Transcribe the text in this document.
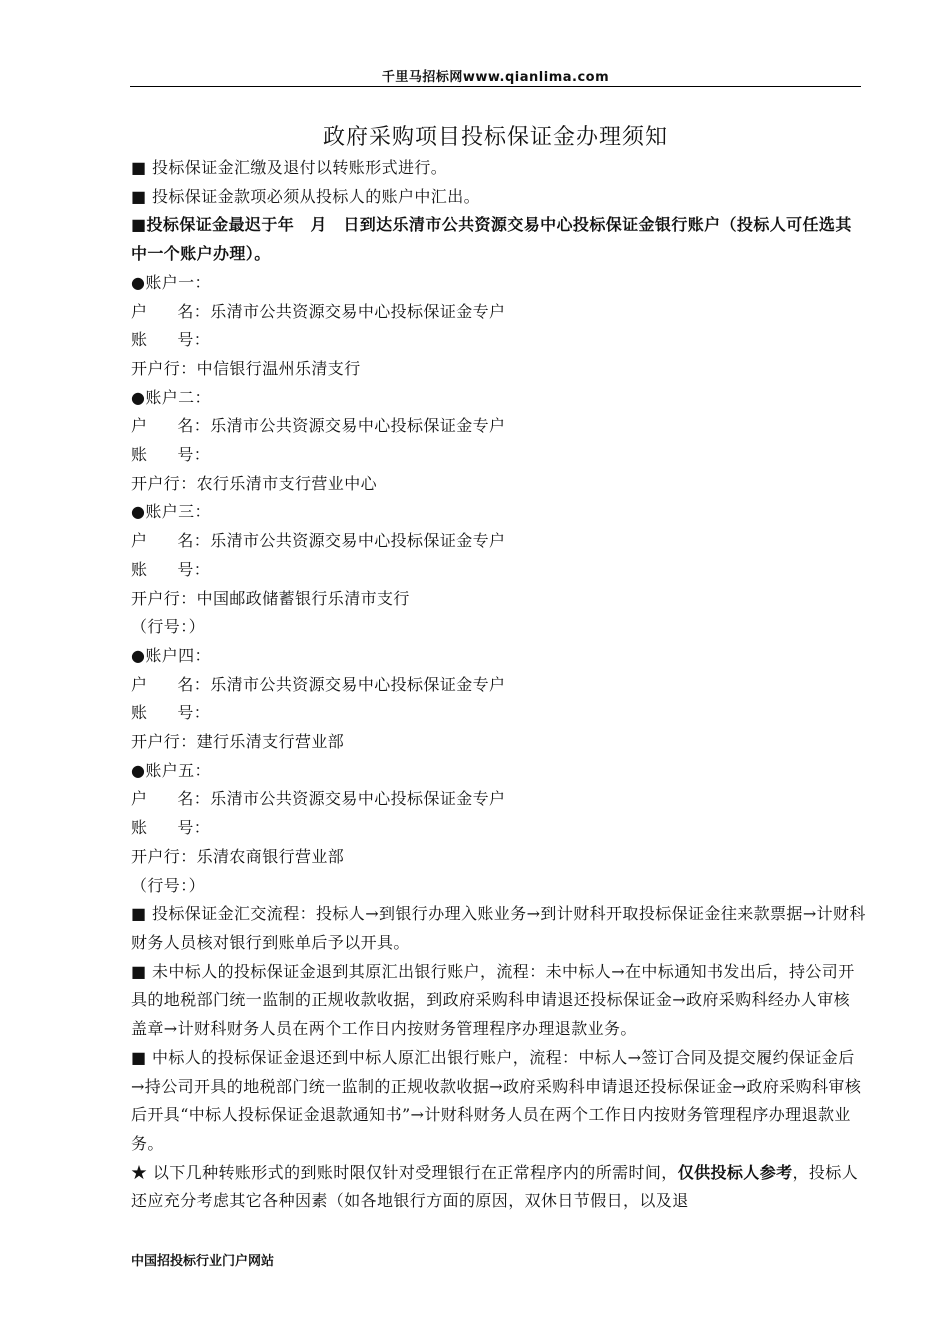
千里马招标网www.qianlima.com
政府采购项目投标保证金办理须知
■ 投标保证金汇缴及退付以转账形式进行。
■ 投标保证金款项必须从投标人的账户中汇出。
■投标保证金最迟于年　月　日到达乐清市公共资源交易中心投标保证金银行账户（投标人可任选其中一个账户办理）。
●账户一：
户 名：乐清市公共资源交易中心投标保证金专户
账 号：
开户行：中信银行温州乐清支行
●账户二：
户 名：乐清市公共资源交易中心投标保证金专户
账 号：
开户行：农行乐清市支行营业中心
●账户三：
户 名：乐清市公共资源交易中心投标保证金专户
账 号：
开户行：中国邮政储蓄银行乐清市支行
（行号：）
●账户四：
户 名：乐清市公共资源交易中心投标保证金专户
账 号：
开户行：建行乐清支行营业部
●账户五：
户 名：乐清市公共资源交易中心投标保证金专户
账 号：
开户行：乐清农商银行营业部
（行号：）
■ 投标保证金汇交流程：投标人→到银行办理入账业务→到计财科开取投标保证金往来款票据→计财科财务人员核对银行到账单后予以开具。
■ 未中标人的投标保证金退到其原汇出银行账户，流程：未中标人→在中标通知书发出后，持公司开具的地税部门统一监制的正规收款收据，到政府采购科申请退还投标保证金→政府采购科经办人审核盖章→计财科财务人员在两个工作日内按财务管理程序办理退款业务。
■ 中标人的投标保证金退还到中标人原汇出银行账户，流程：中标人→签订合同及提交履约保证金后→持公司开具的地税部门统一监制的正规收款收据→政府采购科申请退还投标保证金→政府采购科审核后开具“中标人投标保证金退款通知书”→计财科财务人员在两个工作日内按财务管理程序办理退款业务。
★ 以下几种转账形式的到账时限仅针对受理银行在正常程序内的所需时间，仅供投标人参考，投标人还应充分考虑其它各种因素（如各地银行方面的原因，双休日节假日，以及退
中国招投标行业门户网站
